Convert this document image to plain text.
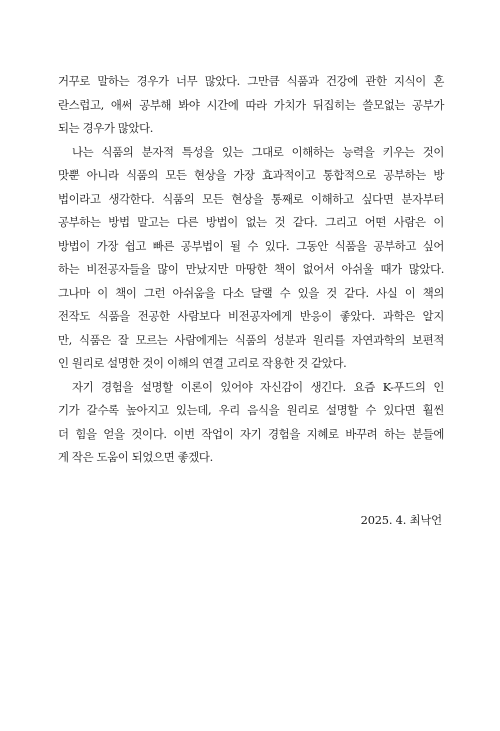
거꾸로 말하는 경우가 너무 많았다. 그만큼 식품과 건강에 관한 지식이 혼
란스럽고, 애써 공부해 봐야 시간에 따라 가치가 뒤집히는 쓸모없는 공부가
되는 경우가 많았다.
나는 식품의 분자적 특성을 있는 그대로 이해하는 능력을 키우는 것이
맛뿐 아니라 식품의 모든 현상을 가장 효과적이고 통합적으로 공부하는 방
법이라고 생각한다. 식품의 모든 현상을 통째로 이해하고 싶다면 분자부터
공부하는 방법 말고는 다른 방법이 없는 것 같다. 그리고 어떤 사람은 이
방법이 가장 쉽고 빠른 공부법이 될 수 있다. 그동안 식품을 공부하고 싶어
하는 비전공자들을 많이 만났지만 마땅한 책이 없어서 아쉬울 때가 많았다.
그나마 이 책이 그런 아쉬움을 다소 달랠 수 있을 것 같다. 사실 이 책의
전작도 식품을 전공한 사람보다 비전공자에게 반응이 좋았다. 과학은 알지
만, 식품은 잘 모르는 사람에게는 식품의 성분과 원리를 자연과학의 보편적
인 원리로 설명한 것이 이해의 연결 고리로 작용한 것 같았다.
자기 경험을 설명할 이론이 있어야 자신감이 생긴다. 요즘 K-푸드의 인
기가 갈수록 높아지고 있는데, 우리 음식을 원리로 설명할 수 있다면 훨씬
더 힘을 얻을 것이다. 이번 작업이 자기 경험을 지혜로 바꾸려 하는 분들에
게 작은 도움이 되었으면 좋겠다.
2025. 4. 최낙언
